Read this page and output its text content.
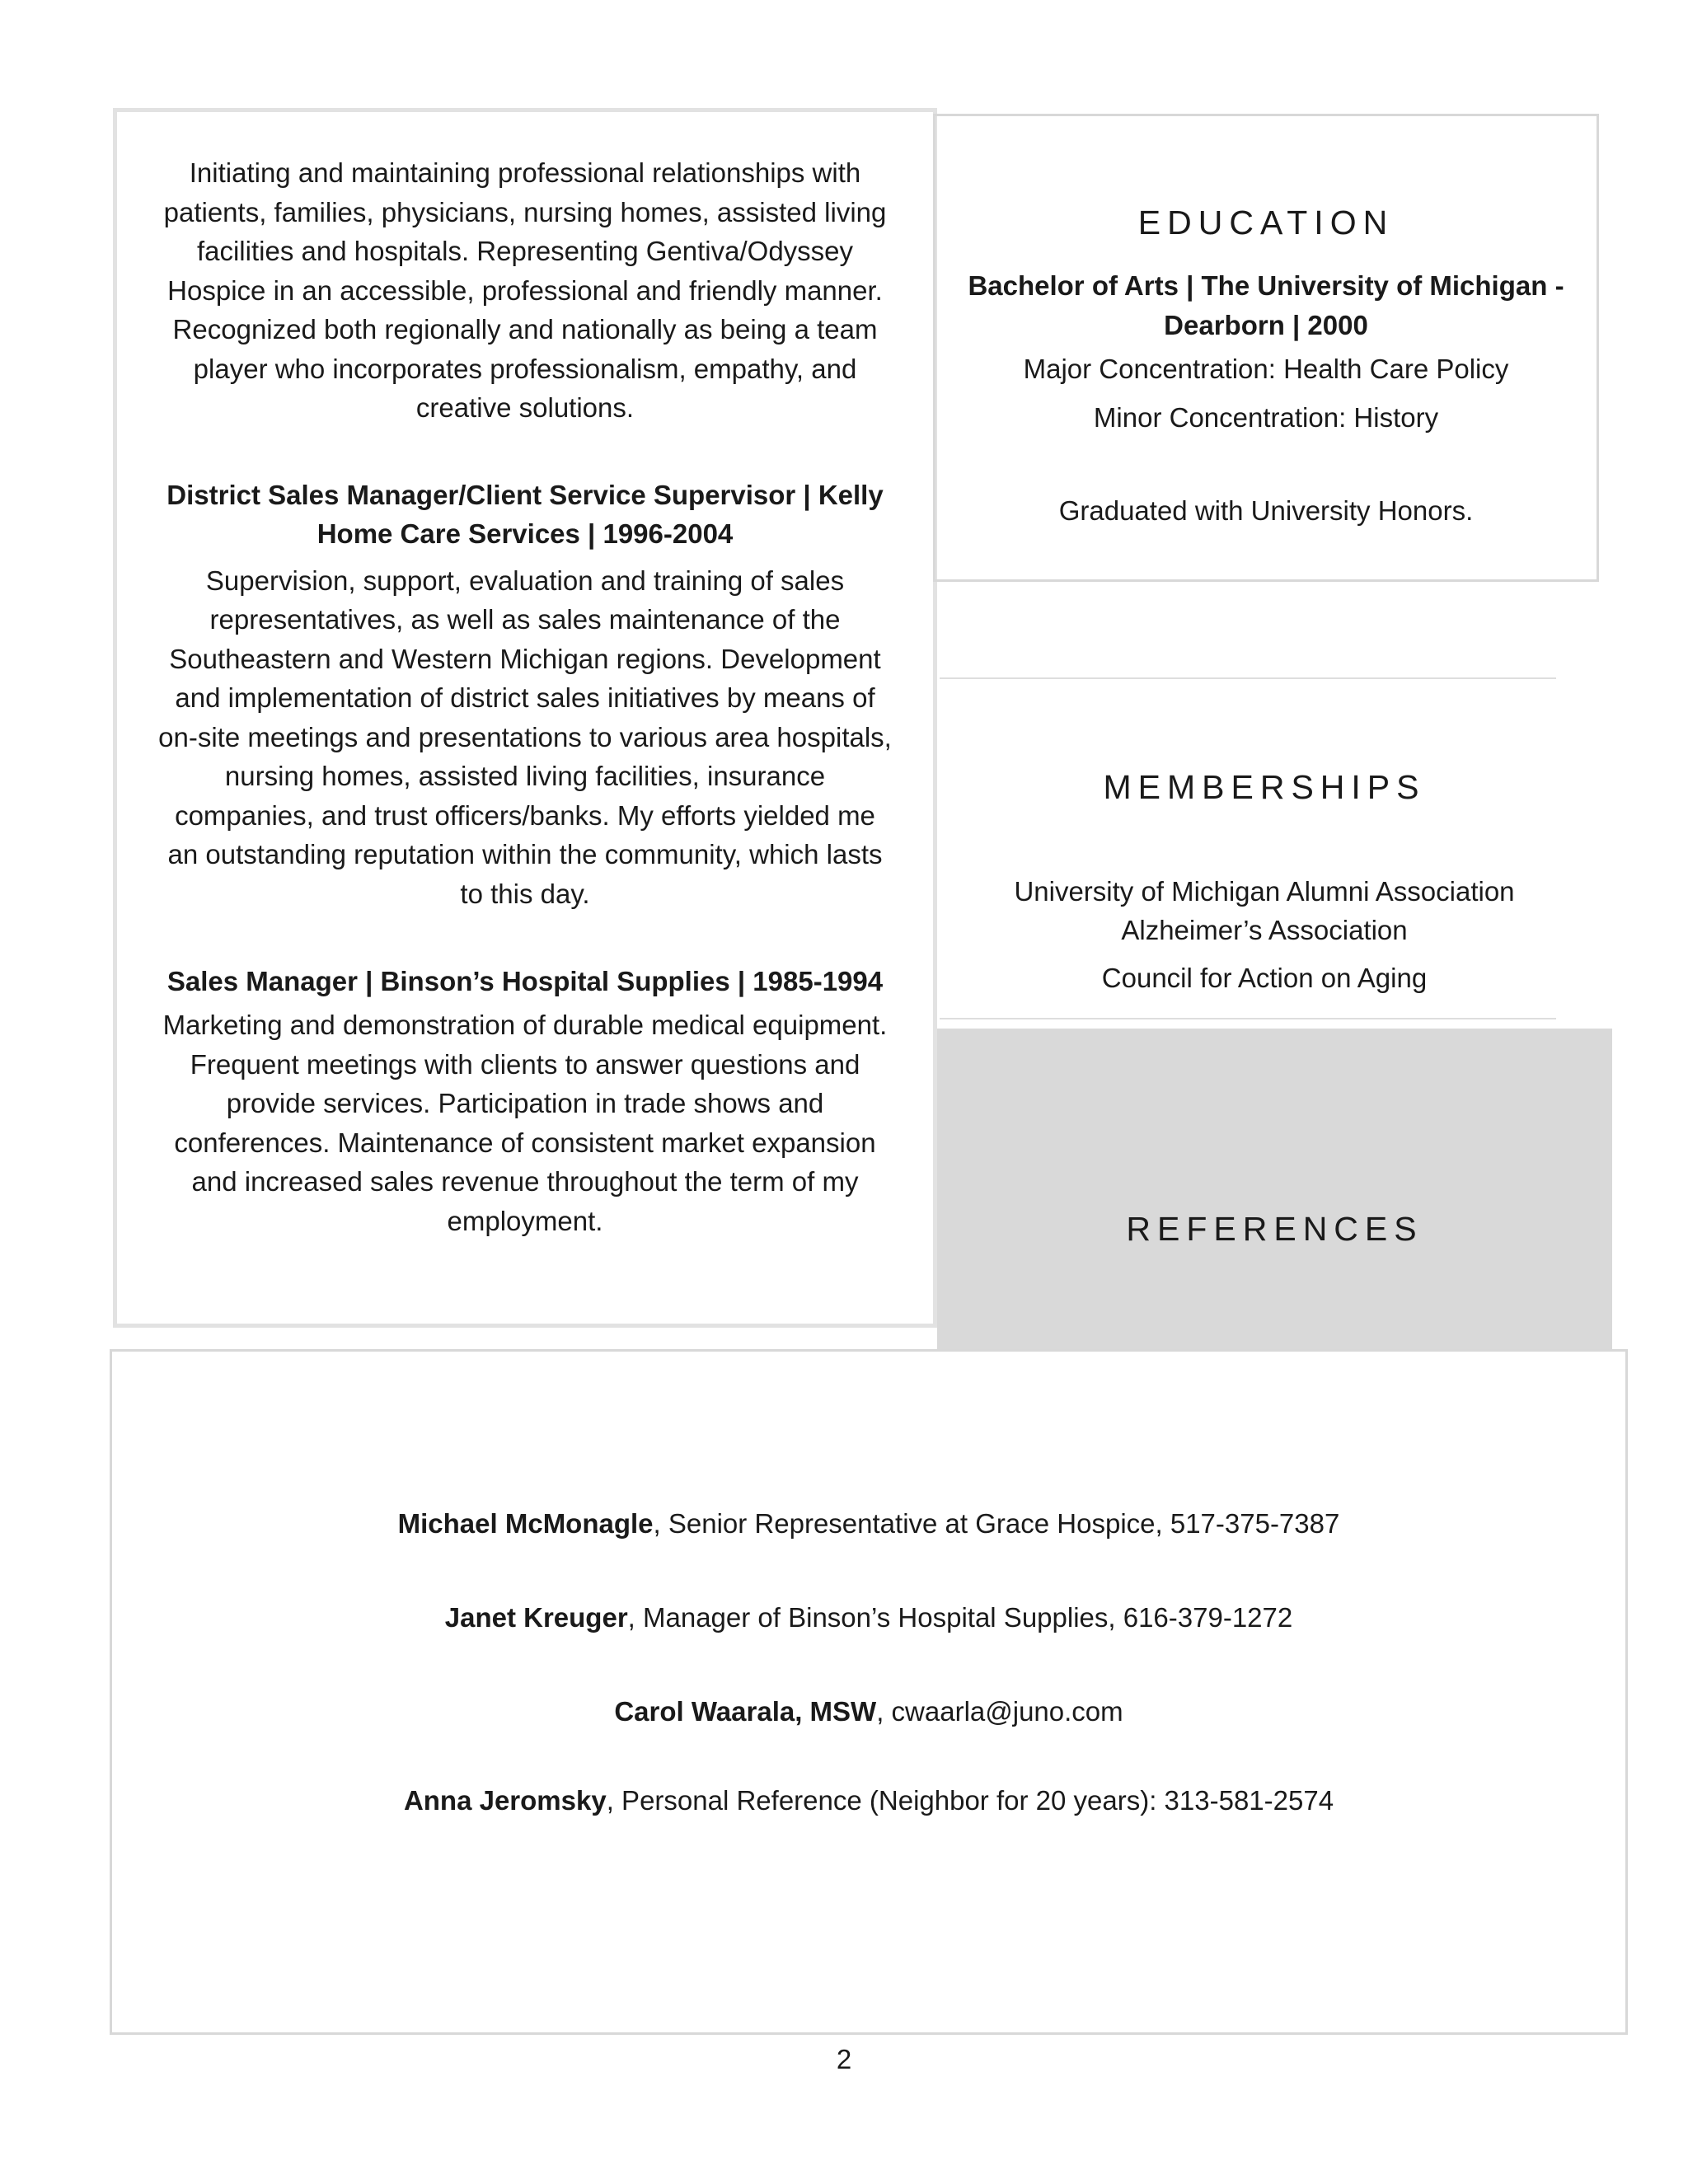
Initiating and maintaining professional relationships with patients, families, physicians, nursing homes, assisted living facilities and hospitals. Representing Gentiva/Odyssey Hospice in an accessible, professional and friendly manner. Recognized both regionally and nationally as being a team player who incorporates professionalism, empathy, and creative solutions.

District Sales Manager/Client Service Supervisor | Kelly Home Care Services | 1996-2004

Supervision, support, evaluation and training of sales representatives, as well as sales maintenance of the Southeastern and Western Michigan regions. Development and implementation of district sales initiatives by means of on-site meetings and presentations to various area hospitals, nursing homes, assisted living facilities, insurance companies, and trust officers/banks. My efforts yielded me an outstanding reputation within the community, which lasts to this day.

Sales Manager | Binson’s Hospital Supplies | 1985-1994

Marketing and demonstration of durable medical equipment. Frequent meetings with clients to answer questions and provide services. Participation in trade shows and conferences. Maintenance of consistent market expansion and increased sales revenue throughout the term of my employment.

EDUCATION

Bachelor of Arts | The University of Michigan - Dearborn | 2000

Major Concentration: Health Care Policy

Minor Concentration: History

Graduated with University Honors.

MEMBERSHIPS

University of Michigan Alumni Association

Alzheimer’s Association

Council for Action on Aging

REFERENCES

Michael McMonagle, Senior Representative at Grace Hospice, 517-375-7387

Janet Kreuger, Manager of Binson’s Hospital Supplies, 616-379-1272

Carol Waarala, MSW, cwaarla@juno.com

Anna Jeromsky, Personal Reference (Neighbor for 20 years): 313-581-2574

2
